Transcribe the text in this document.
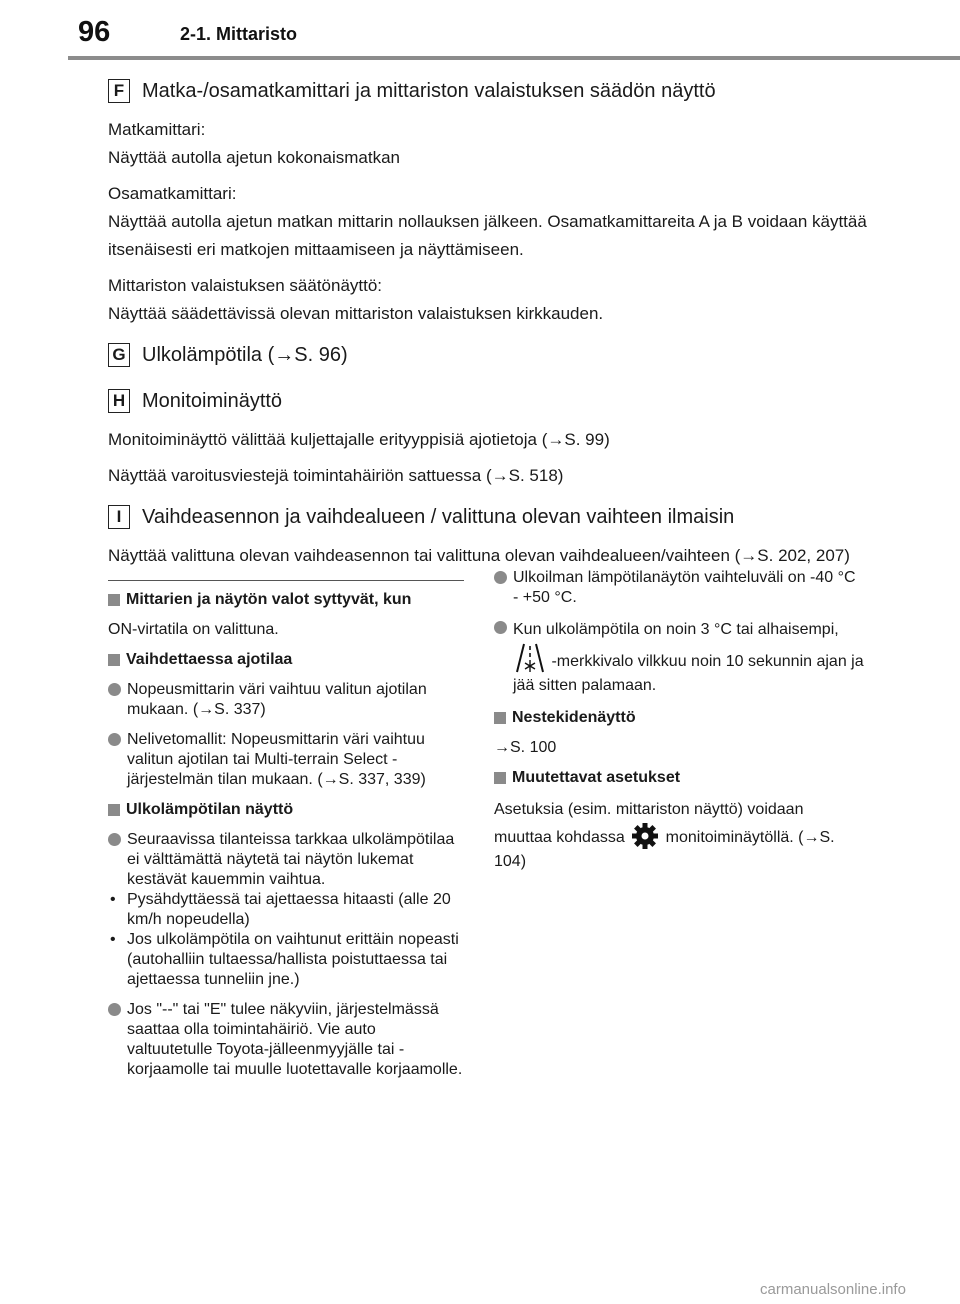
96	2-1. Mittaristo
F Matka-/osamatkamittari ja mittariston valaistuksen säädön näyttö

Matkamittari:

Näyttää autolla ajetun kokonaismatkan

Osamatkamittari:

Näyttää autolla ajetun matkan mittarin nollauksen jälkeen. Osamatkamittareita A ja B voidaan käyttää itsenäisesti eri matkojen mittaamiseen ja näyttämiseen.

Mittariston valaistuksen säätönäyttö:

Näyttää säädettävissä olevan mittariston valaistuksen kirkkauden.

G Ulkolämpötila (→S. 96)
H Monitoiminäyttö

Monitoiminäyttö välittää kuljettajalle erityyppisiä ajotietoja (→S. 99)

Näyttää varoitusviestejä toimintahäiriön sattuessa (→S. 518)

I	Vaihdeasennon ja vaihdealueen / valittuna olevan vaihteen ilmaisin

Näyttää valittuna olevan vaihdeasennon tai valittuna olevan vaihdealueen/vaihteen (→S. 202, 207)

Mittarien ja näytön valot syttyvät, kun

ON-virtatila on valittuna.

Vaihdettaessa ajotilaa
Nopeusmittarin väri vaihtuu valitun ajotilan mukaan. (→S. 337)
Nelivetomallit: Nopeusmittarin väri vaihtuu valitun ajotilan tai Multi-terrain Select -järjestelmän tilan mukaan. (→S. 337, 339)
Ulkolämpötilan näyttö
Seuraavissa tilanteissa tarkkaa ulkolämpötilaa ei välttämättä näytetä tai näytön lukemat kestävät kauemmin vaihtua.
• Pysähdyttäessä tai ajettaessa hitaasti (alle 20 km/h nopeudella)
• Jos ulkolämpötila on vaihtunut erittäin nopeasti (autohalliin tultaessa/hallista poistuttaessa tai ajettaessa tunneliin jne.)
Jos "--" tai "E" tulee näkyviin, järjestelmässä saattaa olla toimintahäiriö. Vie auto valtuutetulle Toyota-jälleenmyyjälle tai -korjaamolle tai muulle luotettavalle korjaamolle.
Ulkoilman lämpötilanäytön vaihteluväli on -40 °C - +50 °C.
Kun ulkolämpötila on noin 3 °C tai alhaisempi,  -merkkivalo vilkkuu noin 10 sekunnin ajan ja jää sitten palamaan.
Nestekidenäyttö

→S. 100

Muutettavat asetukset

Asetuksia (esim. mittariston näyttö) voidaan muuttaa kohdassa	monitoiminäytöllä. (→S. 104)

carmanualsonline.info
